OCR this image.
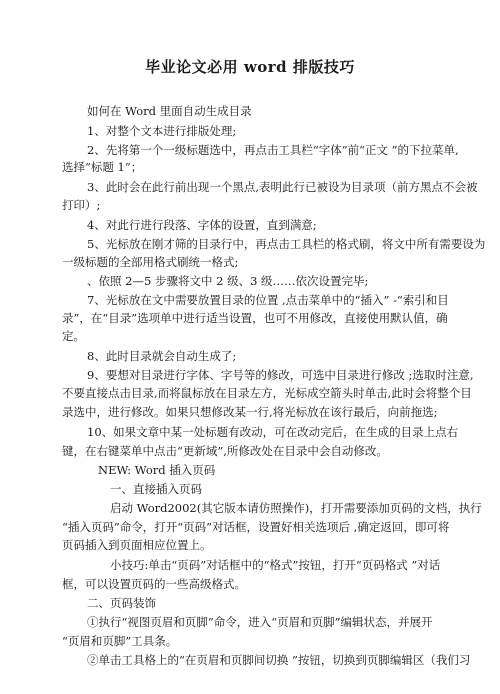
毕业论文必用 word 排版技巧
如何在 Word 里面自动生成目录
1、对整个文本进行排版处理;
2、先将第一个一级标题选中，再点击工具栏“字体”前“正文 ”的下拉菜单,
选择“标题 1”；
3、此时会在此行前出现一个黑点,表明此行已被设为目录项（前方黑点不会被
打印）;
4、对此行进行段落、字体的设置，直到满意;
5、光标放在刚才筛的目录行中，再点击工具栏的格式刷，将文中所有需要设为
一级标题的全部用格式刷统一格式;
、依照 2—5 步骤将文中 2 级、3 级……依次设置完毕;
7、光标放在文中需要放置目录的位置 ,点击菜单中的“插入” -“索引和目
录”，在“目录”选项单中进行适当设置，也可不用修改，直接使用默认值，确
定。
8、此时目录就会自动生成了;
9、要想对目录进行字体、字号等的修改，可选中目录进行修改 ;选取时注意,
不要直接点击目录,而将鼠标放在目录左方，光标成空箭头时单击,此时会将整个目
录选中，进行修改。如果只想修改某一行,将光标放在该行最后，向前拖选;
10、如果文章中某一处标题有改动，可在改动完后，在生成的目录上点右
键，在右键菜单中点击“更新域”,所修改处在目录中会自动修改。
NEW: Word 插入页码
一、直接插入页码
启动 Word2002(其它版本请仿照操作)，打开需要添加页码的文档，执行
“插入页码”命令，打开“页码”对话框，设置好相关选项后 ,确定返回，即可将
页码插入到页面相应位置上。
小技巧:单击“页码”对话框中的“格式”按钮，打开“页码格式 ”对话
框，可以设置页码的一些高级格式。
二、页码装饰
①执行“视图页眉和页脚”命令，进入“页眉和页脚”编辑状态，并展开
“页眉和页脚”工具条。
②单击工具格上的“在页眉和页脚间切换 ”按钮，切换到页脚编辑区（我们习
